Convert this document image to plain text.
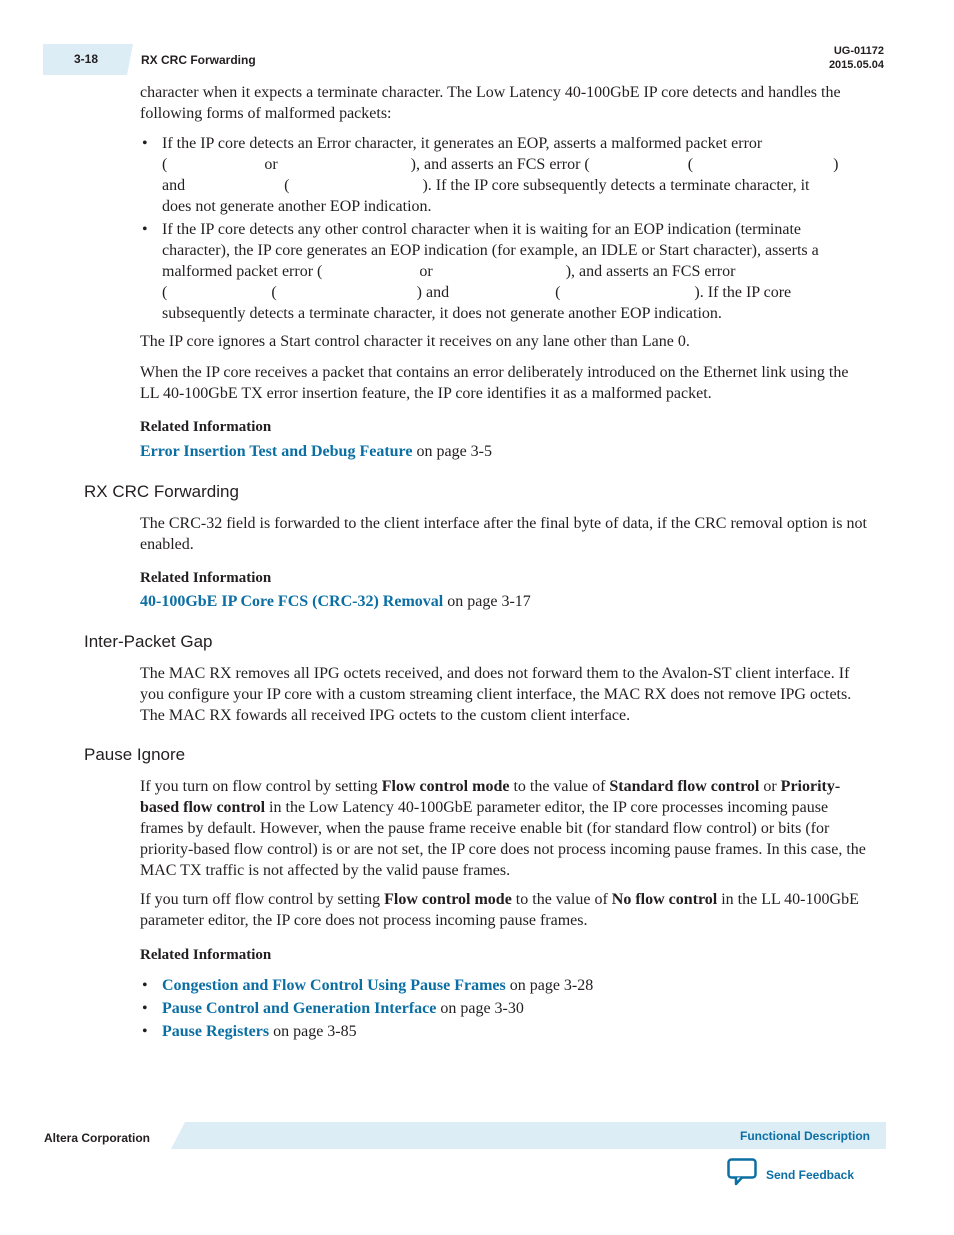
3-18	RX CRC Forwarding
UG-01172
2015.05.04

character when it expects a terminate character. The Low Latency 40-100GbE IP core detects and handles the following forms of malformed packets:

• If the IP core detects an Error character, it generates an EOP, asserts a malformed packet error
(	or	), and asserts an FCS error (	(	)
and	(	). If the IP core subsequently detects a terminate character, it
does not generate another EOP indication.
• If the IP core detects any other control character when it is waiting for an EOP indication (terminate
character), the IP core generates an EOP indication (for example, an IDLE or Start character), asserts a
malformed packet error (	or	), and asserts an FCS error
(	(	) and	(	). If the IP core
subsequently detects a terminate character, it does not generate another EOP indication.

The IP core ignores a Start control character it receives on any lane other than Lane 0.

When the IP core receives a packet that contains an error deliberately introduced on the Ethernet link using the LL 40-100GbE TX error insertion feature, the IP core identifies it as a malformed packet.

Related Information

Error Insertion Test and Debug Feature on page 3-5

RX CRC Forwarding

The CRC-32 field is forwarded to the client interface after the final byte of data, if the CRC removal option is not enabled.

Related Information

40-100GbE IP Core FCS (CRC-32) Removal on page 3-17

Inter-Packet Gap

The MAC RX removes all IPG octets received, and does not forward them to the Avalon-ST client interface. If you configure your IP core with a custom streaming client interface, the MAC RX does not remove IPG octets. The MAC RX fowards all received IPG octets to the custom client interface.

Pause Ignore

If you turn on flow control by setting Flow control mode to the value of Standard flow control or Priority-based flow control in the Low Latency 40-100GbE parameter editor, the IP core processes incoming pause frames by default. However, when the pause frame receive enable bit (for standard flow control) or bits (for priority-based flow control) is or are not set, the IP core does not process incoming pause frames. In this case, the MAC TX traffic is not affected by the valid pause frames.

If you turn off flow control by setting Flow control mode to the value of No flow control in the LL 40-100GbE parameter editor, the IP core does not process incoming pause frames.

Related Information

• Congestion and Flow Control Using Pause Frames on page 3-28
• Pause Control and Generation Interface on page 3-30
• Pause Registers on page 3-85
Altera Corporation	Functional Description
Send Feedback
